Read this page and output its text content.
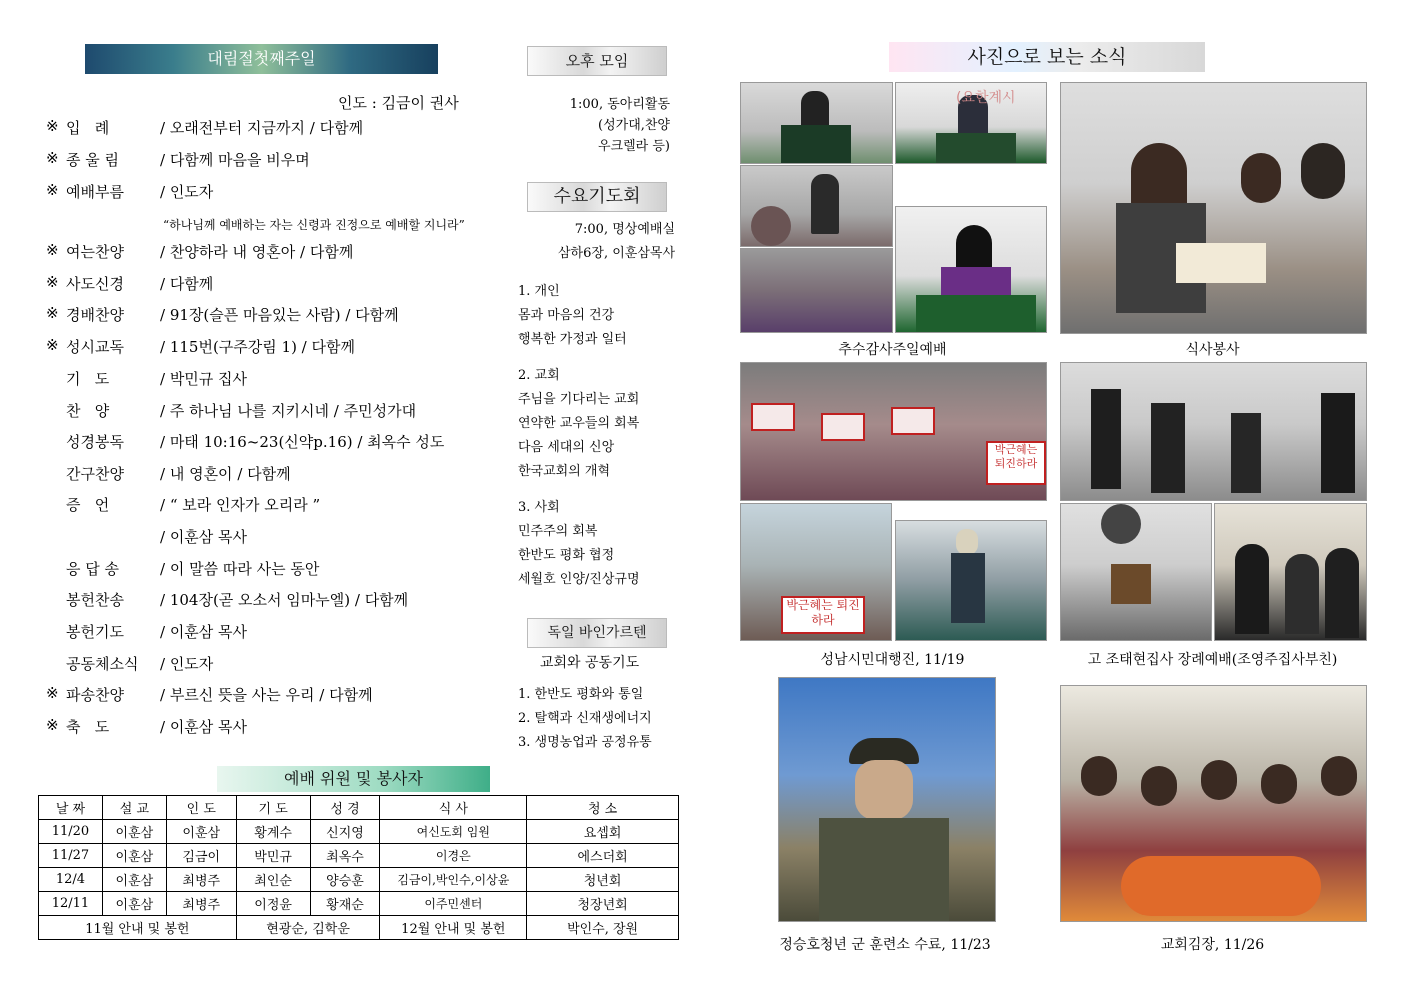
대림절첫째주일
인도 : 김금이 권사
※ 입   례	/ 오래전부터 지금까지 / 다함께
※ 종 울 림	/ 다함께 마음을 비우며
※ 예배부름	/ 인도자
※ 여는찬양	/ 찬양하라 내 영혼아 / 다함께
※ 사도신경	/ 다함께
※ 경배찬양	/ 91장(슬픈 마음있는 사람) / 다함께
※ 성시교독	/ 115번(구주강림 1) / 다함께
기   도	/ 박민규 집사
찬   양	/ 주 하나님 나를 지키시네 / 주민성가대
성경봉독	/ 마태 10:16~23(신약p.16) / 최옥수 성도
간구찬양	/ 내 영혼이 / 다함께
증   언	/ “ 보라 인자가 오리라 ”
/ 이훈삼 목사
응 답 송	/ 이 말씀 따라 사는 동안
봉헌찬송	/ 104장(곧 오소서 임마누엘) / 다함께
봉헌기도	/ 이훈삼 목사
공동체소식	/ 인도자
※ 파송찬양	/ 부르신 뜻을 사는 우리 / 다함께
※ 축   도	/ 이훈삼 목사
“하나님께 예배하는 자는 신령과 진정으로 예배할 지니라”
오후 모임
1:00, 동아리활동
(성가대,찬양
우크렐라 등)
수요기도회
7:00, 명상예배실
삼하6장, 이훈삼목사
1. 개인
몸과 마음의 건강
행복한 가정과 일터
2. 교회
주님을 기다리는 교회
연약한 교우들의 회복
다음 세대의 신앙
한국교회의 개혁
3. 사회
민주주의 회복
한반도 평화 협정
세월호 인양/진상규명
독일 바인가르텐
교회와 공동기도
1. 한반도 평화와 통일
2. 탈핵과 신재생에너지
3. 생명농업과 공정유통
예배 위원 및 봉사자
날 짜	설 교	인 도	기 도	성 경	식 사	청 소
11/20	이훈삼	이훈삼	황계수	신지영	여신도회 임원	요셉회
11/27	이훈삼	김금이	박민규	최옥수	이경은	에스더회
12/4	이훈삼	최병주	최인순	양승훈	김금이,박인수,이상윤	청년회
12/11	이훈삼	최병주	이정윤	황재순	이주민센터	청장년회
11월 안내 및 봉헌			현광순, 김학운		12월 안내 및 봉헌	박인수, 장원
사진으로 보는 소식
(요한계시
박근혜는 퇴진하라
박근혜는 퇴진하라
추수감사주일예배	식사봉사
성남시민대행진, 11/19	고 조태현집사 장례예배(조영주집사부친)
정승호청년 군 훈련소 수료, 11/23	교회김장, 11/26
